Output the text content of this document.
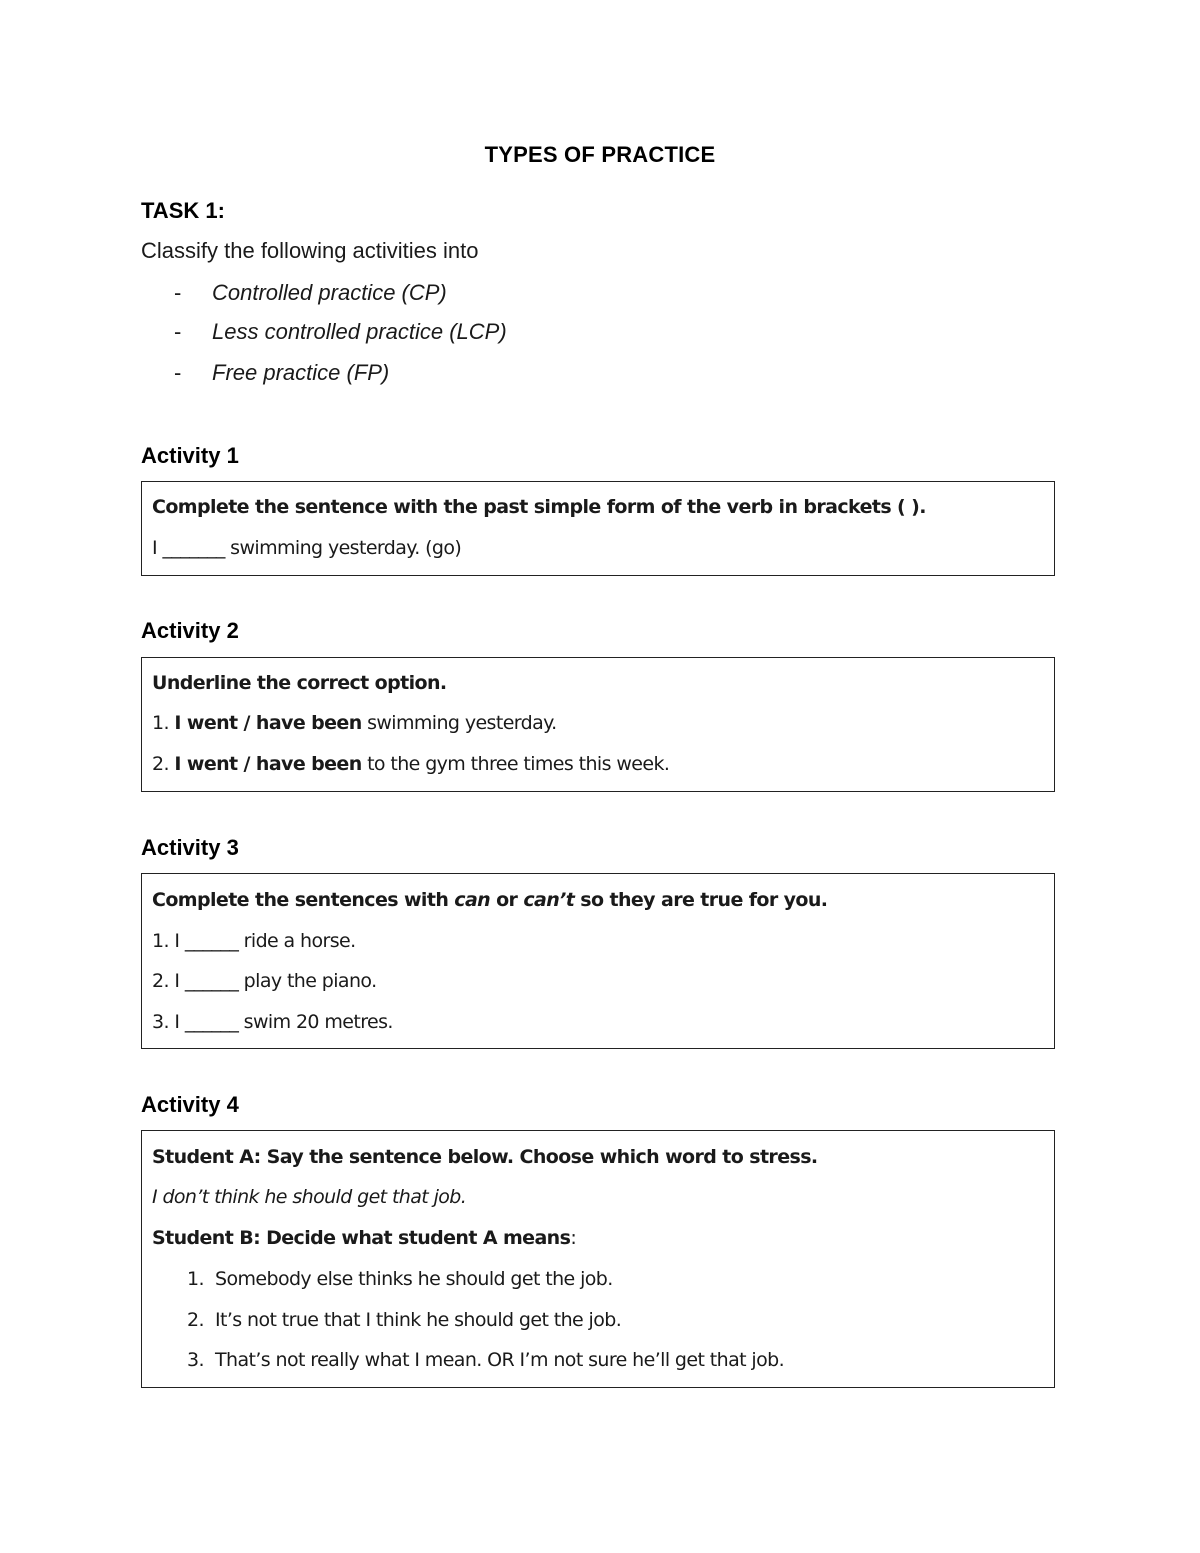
TYPES OF PRACTICE
TASK 1:
Classify the following activities into
- Controlled practice (CP)
- Less controlled practice (LCP)
- Free practice (FP)
Activity 1

Complete the sentence with the past simple form of the verb in brackets ( ).

I _______ swimming yesterday. (go)

Activity 2

Underline the correct option.

1. I went / have been swimming yesterday.

2. I went / have been to the gym three times this week.

Activity 3

Complete the sentences with can or can’t so they are true for you.

1. I ______ ride a horse.

2. I ______ play the piano.

3. I ______ swim 20 metres.

Activity 4

Student A: Say the sentence below. Choose which word to stress.

I don’t think he should get that job.

Student B: Decide what student A means:

1. Somebody else thinks he should get the job.

2. It’s not true that I think he should get the job.

3. That’s not really what I mean. OR I’m not sure he’ll get that job.
